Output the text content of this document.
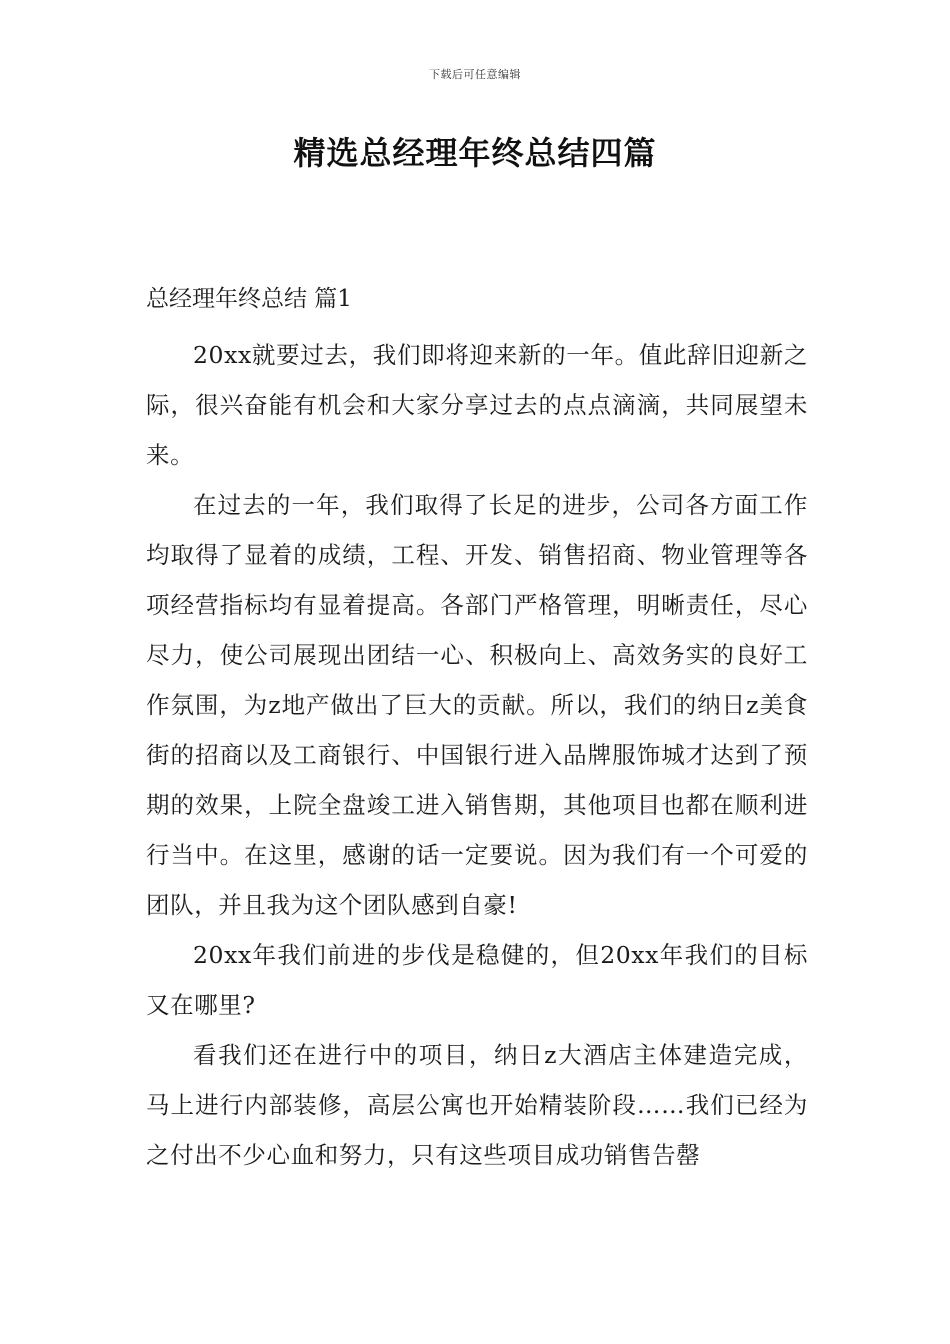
下载后可任意编辑
精选总经理年终总结四篇

总经理年终总结 篇1

20xx就要过去，我们即将迎来新的一年。值此辞旧迎新之际，很兴奋能有机会和大家分享过去的点点滴滴，共同展望未来。

在过去的一年，我们取得了长足的进步，公司各方面工作均取得了显着的成绩，工程、开发、销售招商、物业管理等各项经营指标均有显着提高。各部门严格管理，明晰责任，尽心尽力，使公司展现出团结一心、积极向上、高效务实的良好工作氛围，为z地产做出了巨大的贡献。所以，我们的纳日z美食街的招商以及工商银行、中国银行进入品牌服饰城才达到了预期的效果，上院全盘竣工进入销售期，其他项目也都在顺利进行当中。在这里，感谢的话一定要说。因为我们有一个可爱的团队，并且我为这个团队感到自豪!

20xx年我们前进的步伐是稳健的，但20xx年我们的目标又在哪里?

看我们还在进行中的项目，纳日z大酒店主体建造完成，马上进行内部装修，高层公寓也开始精装阶段……我们已经为之付出不少心血和努力，只有这些项目成功销售告罄
